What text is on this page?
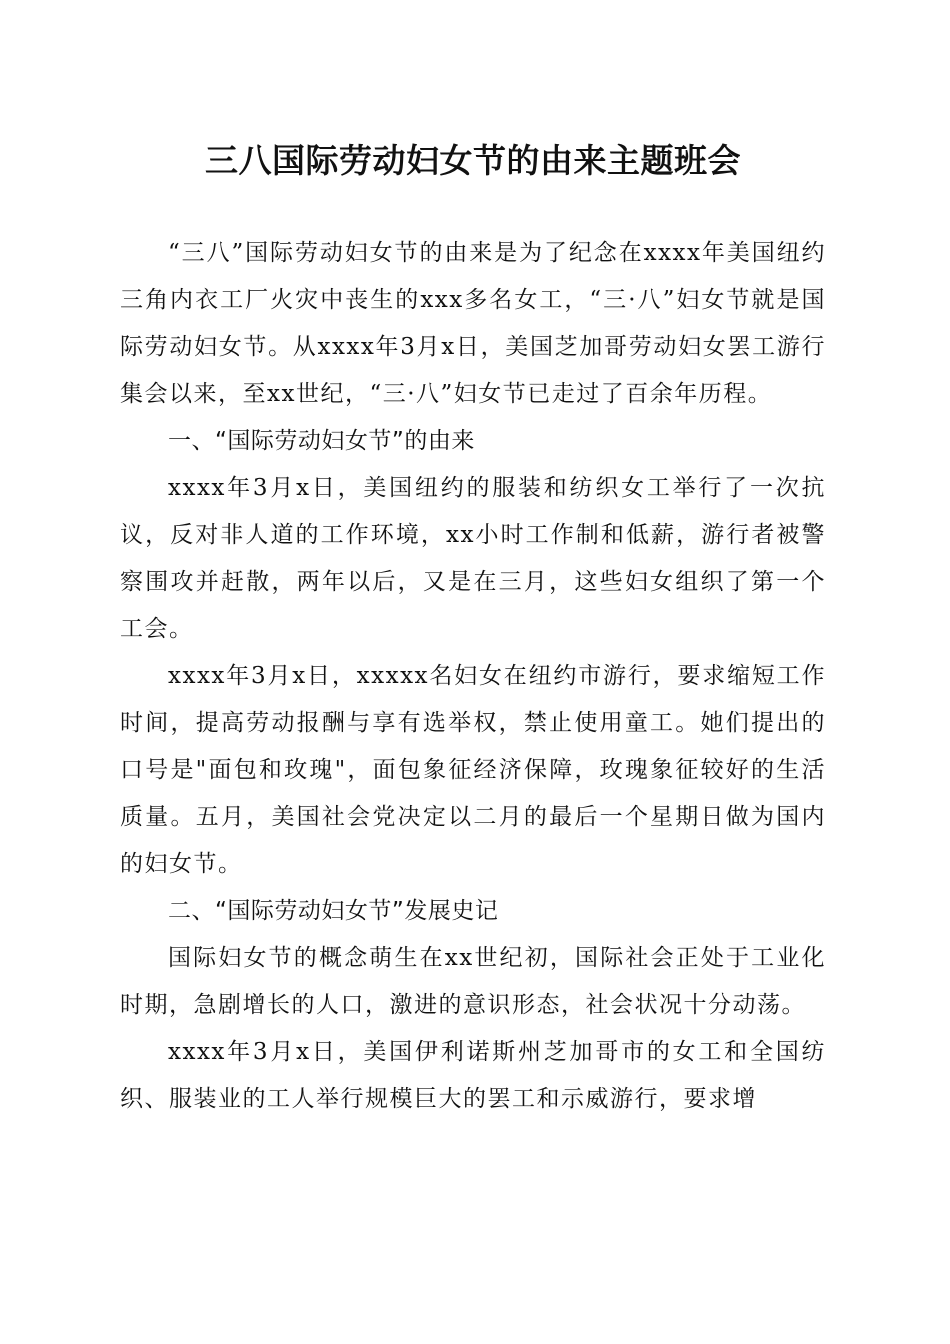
三八国际劳动妇女节的由来主题班会

“三八”国际劳动妇女节的由来是为了纪念在xxxx年美国纽约三角内衣工厂火灾中丧生的xxx多名女工，“三·八”妇女节就是国际劳动妇女节。从xxxx年3月x日，美国芝加哥劳动妇女罢工游行集会以来，至xx世纪，“三·八”妇女节已走过了百余年历程。

一、“国际劳动妇女节”的由来

xxxx年3月x日，美国纽约的服装和纺织女工举行了一次抗议，反对非人道的工作环境，xx小时工作制和低薪，游行者被警察围攻并赶散，两年以后，又是在三月，这些妇女组织了第一个工会。

xxxx年3月x日，xxxxx名妇女在纽约市游行，要求缩短工作时间，提高劳动报酬与享有选举权，禁止使用童工。她们提出的口号是"面包和玫瑰"，面包象征经济保障，玫瑰象征较好的生活质量。五月，美国社会党决定以二月的最后一个星期日做为国内的妇女节。

二、“国际劳动妇女节”发展史记

国际妇女节的概念萌生在xx世纪初，国际社会正处于工业化时期，急剧增长的人口，激进的意识形态，社会状况十分动荡。

xxxx年3月x日，美国伊利诺斯州芝加哥市的女工和全国纺织、服装业的工人举行规模巨大的罢工和示威游行，要求增
